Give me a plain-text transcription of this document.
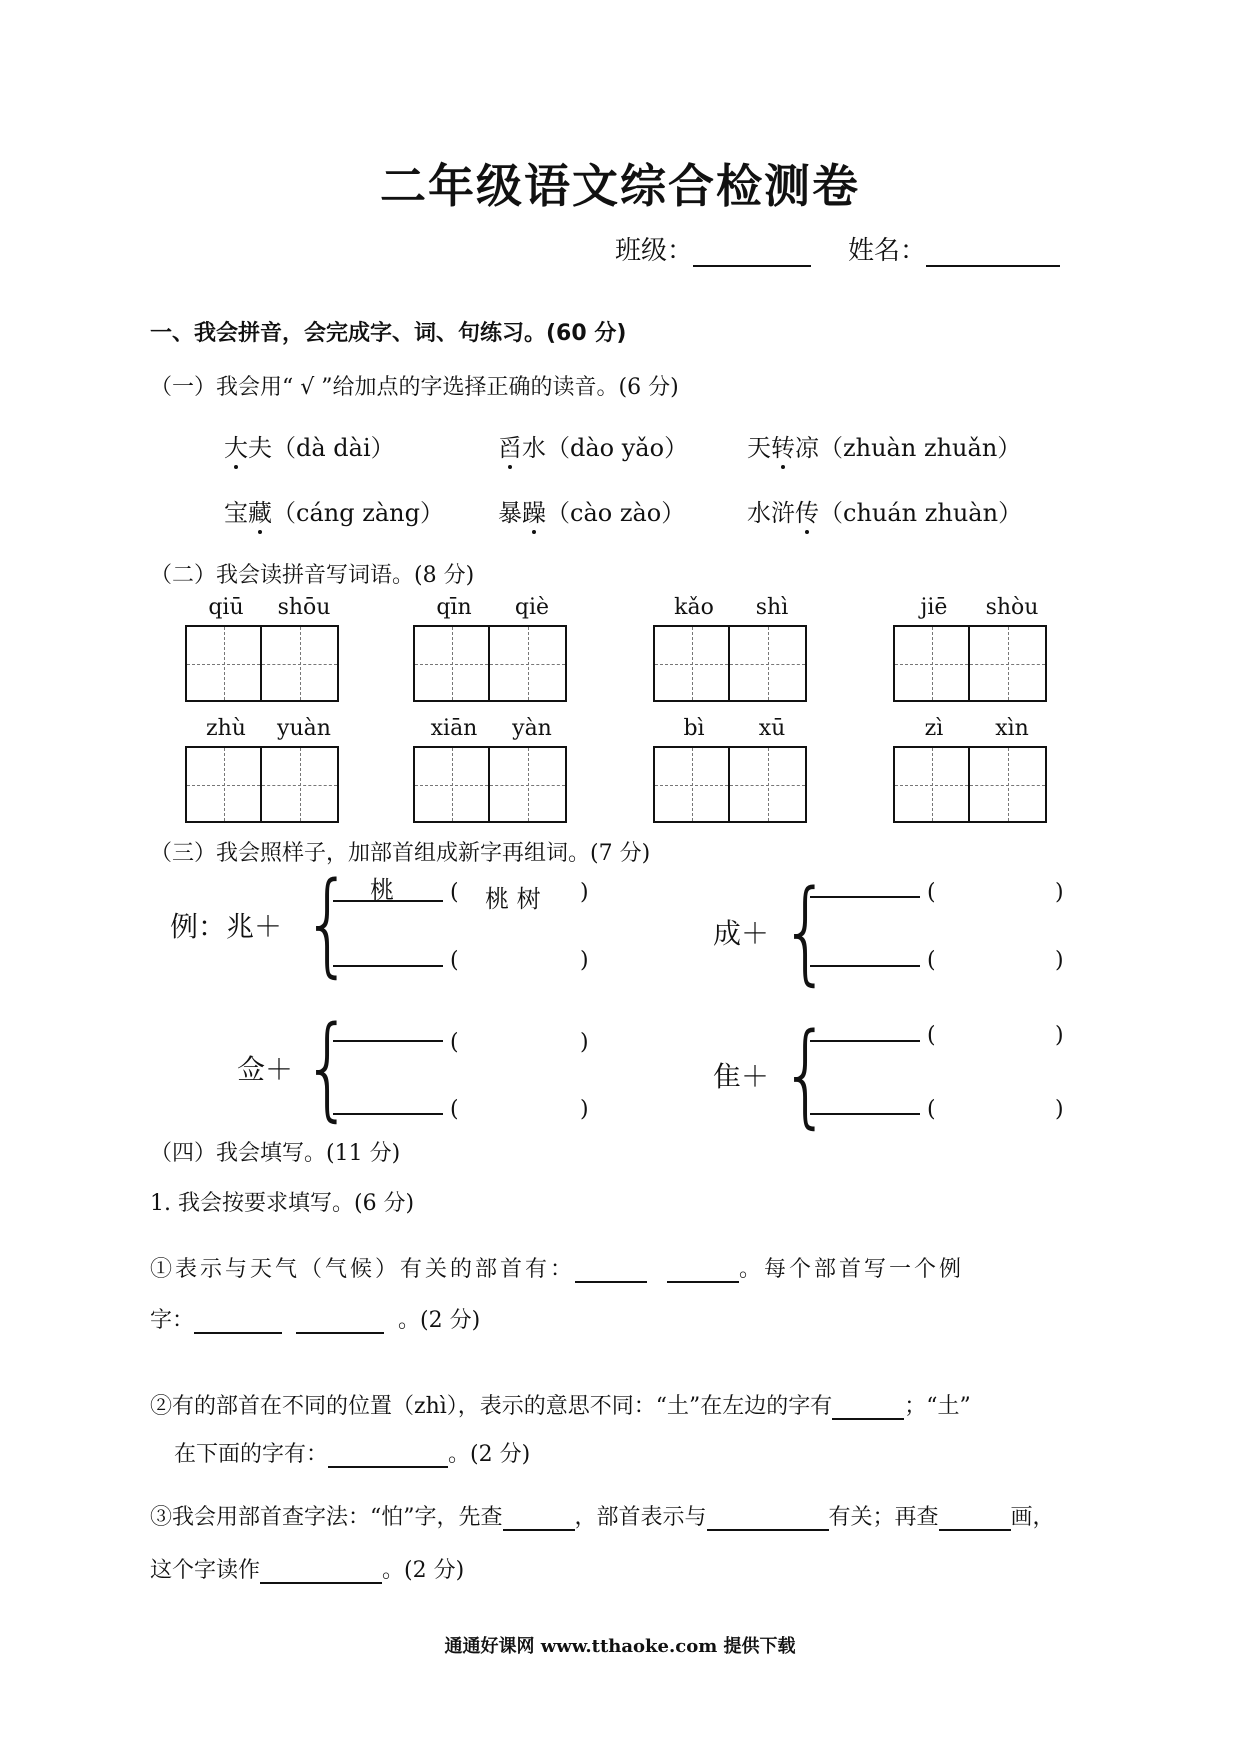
二年级语文综合检测卷
班级：	姓名：
一、我会拼音，会完成字、词、句练习。(60 分)
（一）我会用“ √ ”给加点的字选择正确的读音。(6 分)
大夫（dà dài）	舀水（dào yǎo） 天转凉（zhuàn zhuǎn）
宝藏（cáng zàng） 暴躁（cào zào）	水浒传（chuán zhuàn）
（二）我会读拼音写词语。(8 分)
qiū shōu	qīn qiè	kǎo shì	jiē shòu
zhù yuàn	xiān yàn	bì xū	zì xìn
（三）我会照样子，加部首组成新字再组词。(7 分)
例：兆＋ { 桃	( 桃 树 )
(	)
成＋ {	(	)
(	)
佥＋ {	(	)
(	)
隹＋ {	(	)
(	)
（四）我会填写。(11 分)
1. 我会按要求填写。(6 分)
①表示与天气（气候）有关的部首有：	。每个部首写一个例
字：	。(2 分)
②有的部首在不同的位置（zhì），表示的意思不同：“土”在左边的字有	；“土”
在下面的字有：	。(2 分)
③我会用部首查字法：“怕”字，先查	，部首表示与	有关；再查	画，
这个字读作	。(2 分)
通通好课网 www.tthaoke.com 提供下载
